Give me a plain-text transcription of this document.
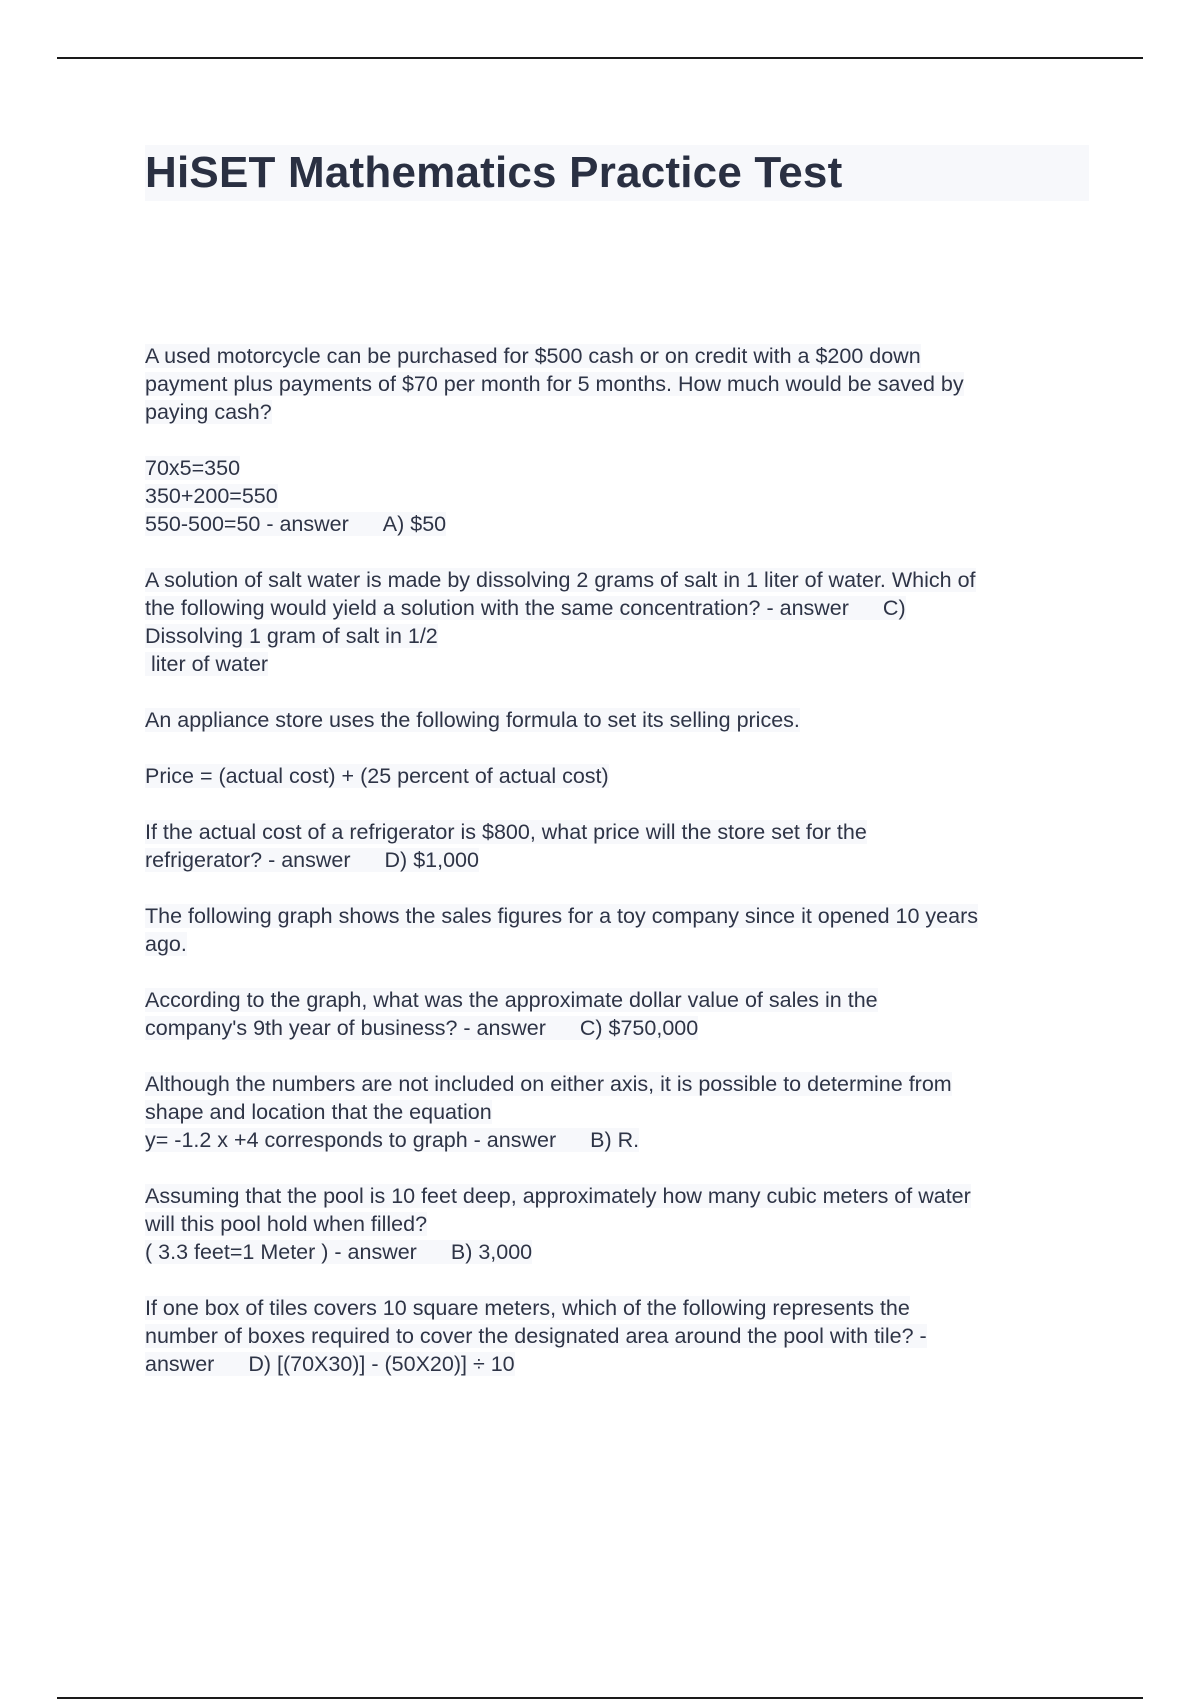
HiSET Mathematics Practice Test

A used motorcycle can be purchased for $500 cash or on credit with a $200 down
payment plus payments of $70 per month for 5 months. How much would be saved by
paying cash?

70x5=350
350+200=550
550-500=50 - answer A) $50

A solution of salt water is made by dissolving 2 grams of salt in 1 liter of water. Which of
the following would yield a solution with the same concentration? - answer C)
Dissolving 1 gram of salt in 1/2
liter of water

An appliance store uses the following formula to set its selling prices.

Price = (actual cost) + (25 percent of actual cost)

If the actual cost of a refrigerator is $800, what price will the store set for the
refrigerator? - answer D) $1,000

The following graph shows the sales figures for a toy company since it opened 10 years
ago.

According to the graph, what was the approximate dollar value of sales in the
company's 9th year of business? - answer C) $750,000

Although the numbers are not included on either axis, it is possible to determine from
shape and location that the equation
y= -1.2 x +4 corresponds to graph - answer B) R.

Assuming that the pool is 10 feet deep, approximately how many cubic meters of water
will this pool hold when filled?
( 3.3 feet=1 Meter ) - answer B) 3,000

If one box of tiles covers 10 square meters, which of the following represents the
number of boxes required to cover the designated area around the pool with tile? -
answer D) [(70X30)] - (50X20)] ÷ 10
